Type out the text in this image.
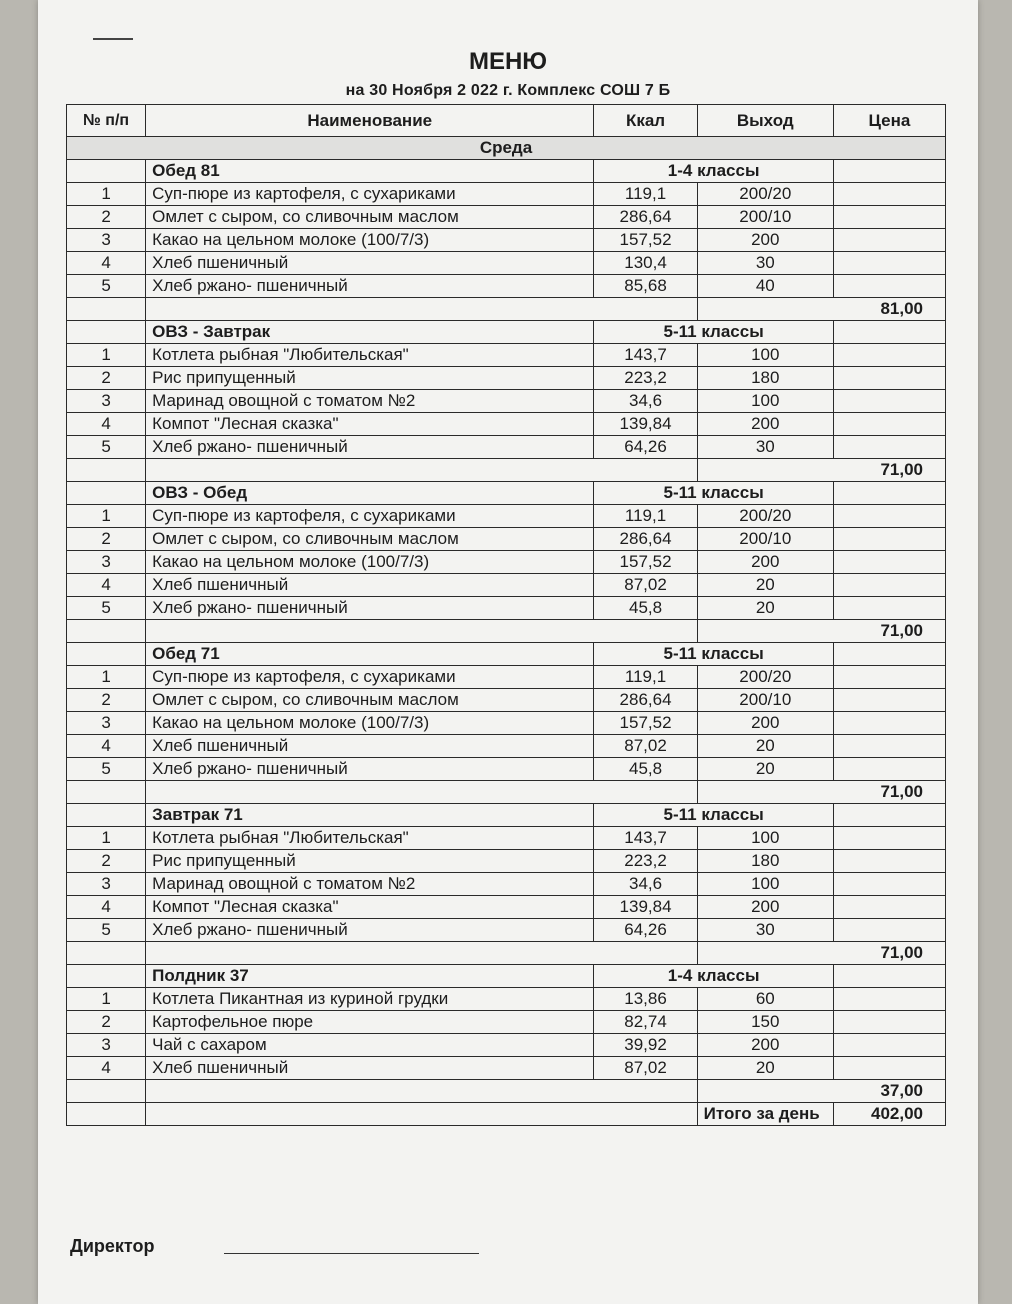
МЕНЮ
на 30 Ноября 2 022 г. Комплекс СОШ 7 Б
№ п/п	Наименование	Ккал	Выход	Цена
Среда				
	Обед 81	1-4 классы		
1	Суп-пюре из картофеля, с сухариками	119,1	200/20	
2	Омлет с сыром, со сливочным маслом	286,64	200/10	
3	Какао на цельном молоке (100/7/3)	157,52	200	
4	Хлеб пшеничный	130,4	30	
5	Хлеб ржано- пшеничный	85,68	40	
			81,00	
	ОВЗ - Завтрак	5-11 классы		
1	Котлета рыбная "Любительская"	143,7	100	
2	Рис припущенный	223,2	180	
3	Маринад овощной с томатом №2	34,6	100	
4	Компот "Лесная сказка"	139,84	200	
5	Хлеб ржано- пшеничный	64,26	30	
			71,00	
	ОВЗ - Обед	5-11 классы		
1	Суп-пюре из картофеля, с сухариками	119,1	200/20	
2	Омлет с сыром, со сливочным маслом	286,64	200/10	
3	Какао на цельном молоке (100/7/3)	157,52	200	
4	Хлеб пшеничный	87,02	20	
5	Хлеб ржано- пшеничный	45,8	20	
			71,00	
	Обед 71	5-11 классы		
1	Суп-пюре из картофеля, с сухариками	119,1	200/20	
2	Омлет с сыром, со сливочным маслом	286,64	200/10	
3	Какао на цельном молоке (100/7/3)	157,52	200	
4	Хлеб пшеничный	87,02	20	
5	Хлеб ржано- пшеничный	45,8	20	
			71,00	
	Завтрак 71	5-11 классы		
1	Котлета рыбная "Любительская"	143,7	100	
2	Рис припущенный	223,2	180	
3	Маринад овощной с томатом №2	34,6	100	
4	Компот "Лесная сказка"	139,84	200	
5	Хлеб ржано- пшеничный	64,26	30	
			71,00	
	Полдник 37	1-4 классы		
1	Котлета Пикантная из куриной грудки	13,86	60	
2	Картофельное пюре	82,74	150	
3	Чай с сахаром	39,92	200	
4	Хлеб пшеничный	87,02	20	
			37,00	
			Итого за день	402,00
Директор
